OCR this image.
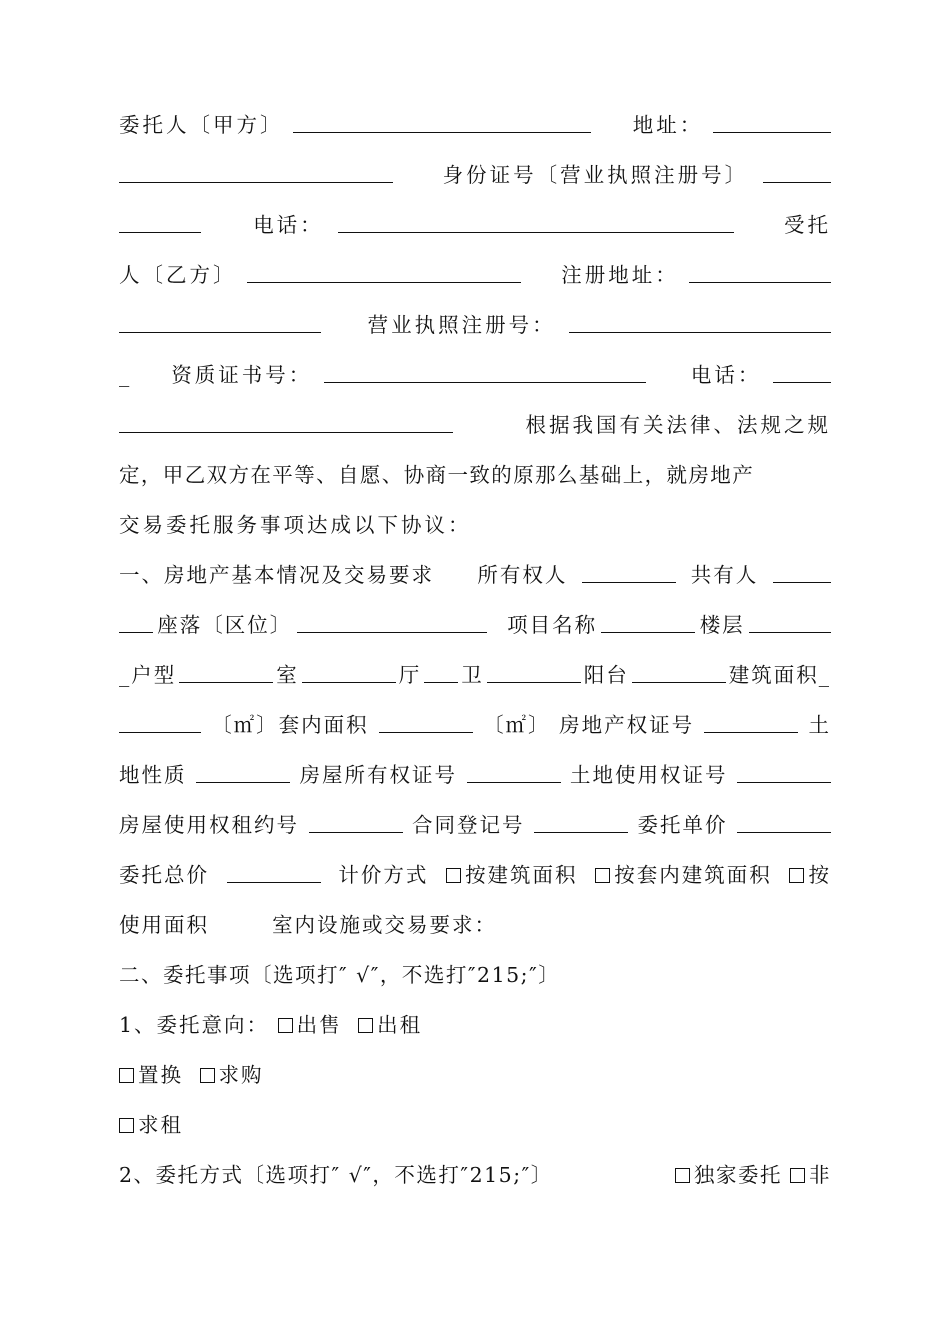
委托人〔甲方〕	地址：
身份证号〔营业执照注册号〕
电话：	受托
人〔乙方〕	注册地址：
营业执照注册号：
_ 资质证书号：	电话：
根据我国有关法律、法规之规
定，甲乙双方在平等、自愿、协商一致的原那么基础上，就房地产
交易委托服务事项达成以下协议：
一、房地产基本情况及交易要求 所有权人	共有人
座落〔区位〕	项目名称	楼层
_户型	室	厅 卫	阳台	建筑面积_
〔㎡〕套内面积	〔㎡〕 房地产权证号	土
地性质	房屋所有权证号	土地使用权证号
房屋使用权租约号	合同登记号	委托单价
委托总价	计价方式	按建筑面积	按套内建筑面积	按
使用面积	室内设施或交易要求：
二、委托事项〔选项打″ √″，不选打″215;″〕
1、委托意向： 出售 出租
置换 求购
求租
2、委托方式〔选项打″ √″，不选打″215;″〕	独家委托 非
